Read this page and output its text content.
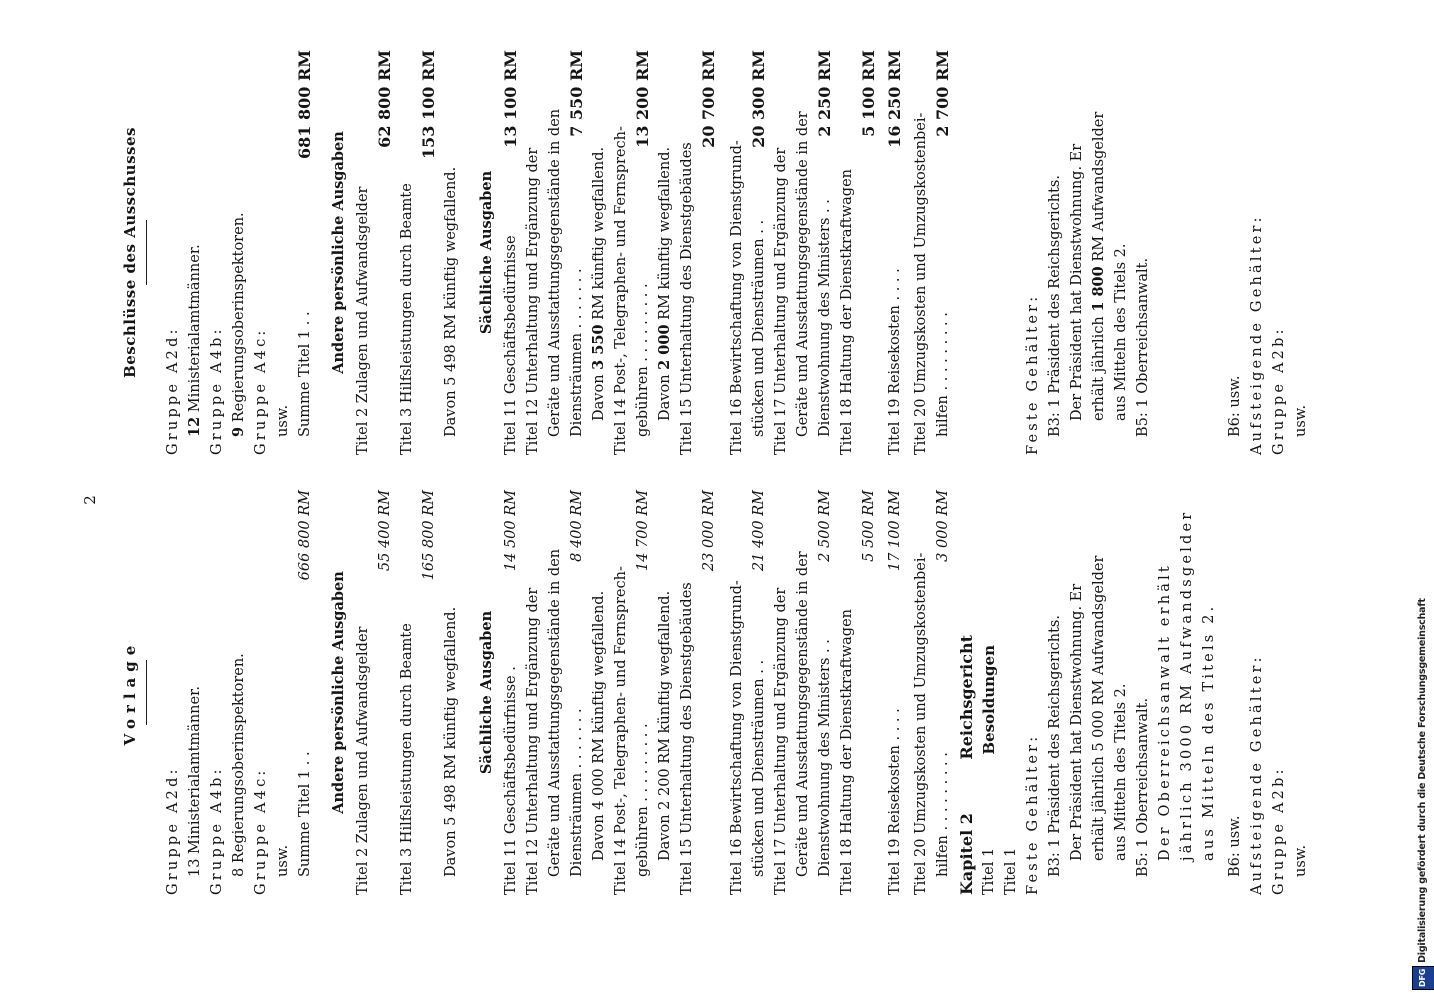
2
Vorlage
Gruppe A2d: 13 Ministerialamtmänner. Gruppe A4b: 8 Regierungsoberinspektoren. Gruppe A4c: usw. Summe Titel 1 . .
666 800 RM
Andere persönliche Ausgaben Titel 2 Zulagen und Aufwandsgelder
55 400 RM
Titel 3 Hilfsleistungen durch Beamte
165 800 RM
Davon 5 498 RM künftig wegfallend. Sächliche Ausgaben Titel 11 Geschäftsbedürfnisse .
14 500 RM
Titel 12 Unterhaltung und Ergänzung der Geräte und Ausstattungsgegenstände in den Diensträumen . . . . . . .
8 400 RM
Davon 4 000 RM künftig wegfallend. Titel 14 Post-, Telegraphen- und Fernsprech- gebühren . . . . . . . . .
14 700 RM
Davon 2 200 RM künftig wegfallend. Titel 15 Unterhaltung des Dienstgebäudes
23 000 RM
Titel 16 Bewirtschaftung von Dienstgrund- stücken und Diensträumen . .
21 400 RM
Titel 17 Unterhaltung und Ergänzung der Geräte und Ausstattungsgegenstände in der Dienstwohnung des Ministers . .
2 500 RM
Titel 18 Haltung der Dienstkraftwagen
5 500 RM
Titel 19 Reisekosten . . . .
17 100 RM
Titel 20 Umzugskosten und Umzugskostenbei- hilfen . . . . . . . . .
3 000 RM
Kapitel 2
Reichsgericht
Titel 1
Besoldungen
Titel 1 Feste Gehälter: B3: 1 Präsident des Reichsgerichts. Der Präsident hat Dienstwohnung. Er erhält jährlich 5 000 RM Aufwandsgelder aus Mitteln des Titels 2. B5: 1 Oberreichsanwalt. Der Oberreichsanwalt erhält jährlich 3000 RM Aufwandsgelder aus Mitteln des Titels 2. B6: usw. Aufsteigende Gehälter: Gruppe A2b: usw.
Beschlüsse des Ausschusses
Gruppe A2d: 12 Ministerialamtmänner. Gruppe A4b: 9 Regierungsoberinspektoren. Gruppe A4c: usw. Summe Titel 1 . .
681 800 RM
Andere persönliche Ausgaben Titel 2 Zulagen und Aufwandsgelder
62 800 RM
Titel 3 Hilfsleistungen durch Beamte
153 100 RM
Davon 5 498 RM künftig wegfallend. Sächliche Ausgaben Titel 11 Geschäftsbedürfnisse
13 100 RM
Titel 12 Unterhaltung und Ergänzung der Geräte und Ausstattungsgegenstände in den Diensträumen . . . . . . .
7 550 RM
Davon 3 550 RM künftig wegfallend. Titel 14 Post-, Telegraphen- und Fernsprech- gebühren . . . . . . . . .
13 200 RM
Davon 2 000 RM künftig wegfallend. Titel 15 Unterhaltung des Dienstgebäudes
20 700 RM
Titel 16 Bewirtschaftung von Dienstgrund- stücken und Diensträumen . .
20 300 RM
Titel 17 Unterhaltung und Ergänzung der Geräte und Ausstattungsgegenstände in der Dienstwohnung des Ministers . .
2 250 RM
Titel 18 Haltung der Dienstkraftwagen
5 100 RM
Titel 19 Reisekosten . . . .
16 250 RM
Titel 20 Umzugskosten und Umzugskostenbei- hilfen . . . . . . . . .
2 700 RM
Feste Gehälter: B3: 1 Präsident des Reichsgerichts. Der Präsident hat Dienstwohnung. Er erhält jährlich 1 800 RM Aufwandsgelder
aus Mitteln des Titels 2. B5: 1 Oberreichsanwalt.	B6: usw. Aufsteigende Gehälter: Gruppe A2b: usw.
DFGDigitalisierung gefördert durch die Deutsche Forschungsgemeinschaft
